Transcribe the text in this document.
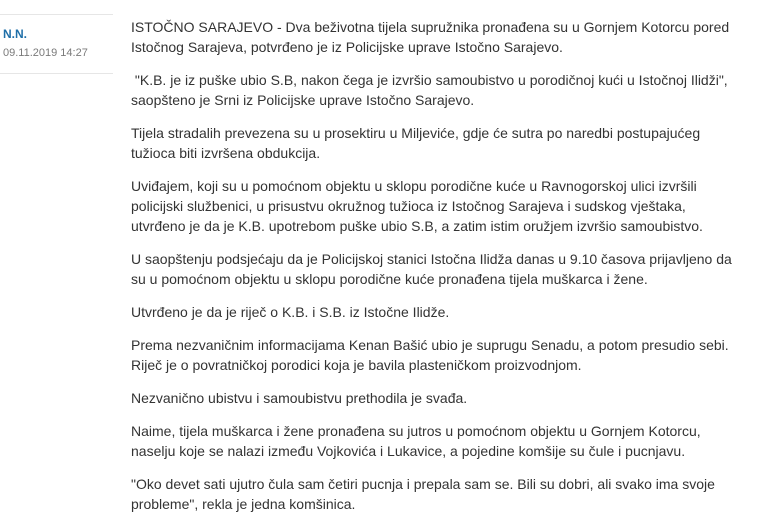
N.N.
09.11.2019 14:27

ISTOČNO SARAJEVO - Dva beživotna tijela supružnika pronađena su u Gornjem Kotorcu pored Istočnog Sarajeva, potvrđeno je iz Policijske uprave Istočno Sarajevo.

"K.B. je iz puške ubio S.B, nakon čega je izvršio samoubistvo u porodičnoj kući u Istočnoj Ilidži", saopšteno je Srni iz Policijske uprave Istočno Sarajevo.

Tijela stradalih prevezena su u prosektiru u Miljeviće, gdje će sutra po naredbi postupajućeg tužioca biti izvršena obdukcija.

Uviđajem, koji su u pomoćnom objektu u sklopu porodične kuće u Ravnogorskoj ulici izvršili policijski službenici, u prisustvu okružnog tužioca iz Istočnog Sarajeva i sudskog vještaka, utvrđeno je da je K.B. upotrebom puške ubio S.B, a zatim istim oružjem izvršio samoubistvo.

U saopštenju podsjećaju da je Policijskoj stanici Istočna Ilidža danas u 9.10 časova prijavljeno da su u pomoćnom objektu u sklopu porodične kuće pronađena tijela muškarca i žene.

Utvrđeno je da je riječ o K.B. i S.B. iz Istočne Ilidže.

Prema nezvaničnim informacijama Kenan Bašić ubio je suprugu Senadu, a potom presudio sebi. Riječ je o povratničkoj porodici koja je bavila plasteničkom proizvodnjom.

Nezvanično ubistvu i samoubistvu prethodila je svađa.

Naime, tijela muškarca i žene pronađena su jutros u pomoćnom objektu u Gornjem Kotorcu, naselju koje se nalazi između Vojkovića i Lukavice, a pojedine komšije su čule i pucnjavu.

"Oko devet sati ujutro čula sam četiri pucnja i prepala sam se. Bili su dobri, ali svako ima svoje probleme", rekla je jedna komšinica.
